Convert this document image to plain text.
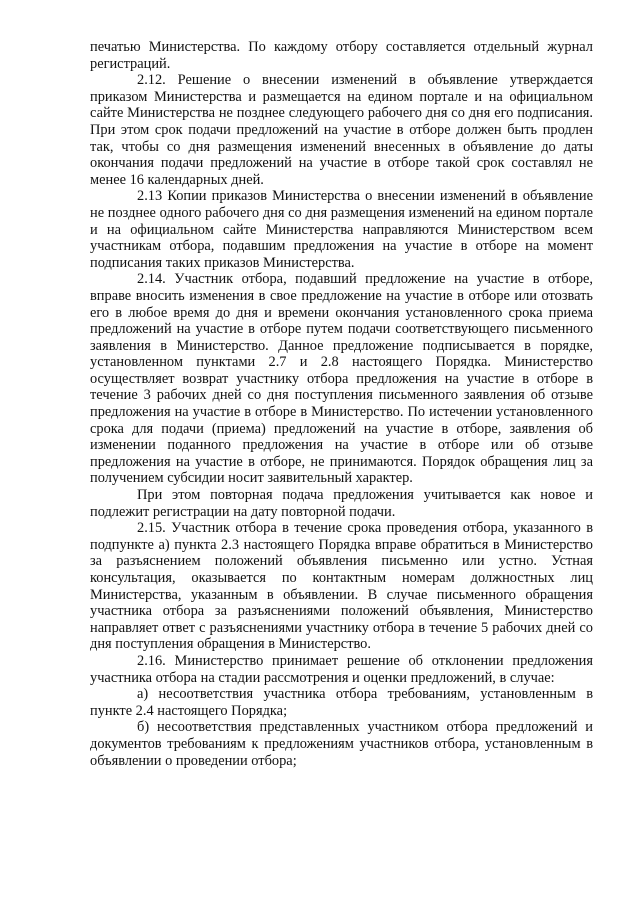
печатью Министерства. По каждому отбору составляется отдельный журнал регистраций.

2.12. Решение о внесении изменений в объявление утверждается приказом Министерства и размещается на едином портале и на официальном сайте Министерства не позднее следующего рабочего дня со дня его подписания. При этом срок подачи предложений на участие в отборе должен быть продлен так, чтобы со дня размещения изменений внесенных в объявление до даты окончания подачи предложений на участие в отборе такой срок составлял не менее 16 календарных дней.

2.13 Копии приказов Министерства о внесении изменений в объявление не позднее одного рабочего дня со дня размещения изменений на едином портале и на официальном сайте Министерства направляются Министерством всем участникам отбора, подавшим предложения на участие в отборе на момент подписания таких приказов Министерства.

2.14. Участник отбора, подавший предложение на участие в отборе, вправе вносить изменения в свое предложение на участие в отборе или отозвать его в любое время до дня и времени окончания установленного срока приема предложений на участие в отборе путем подачи соответствующего письменного заявления в Министерство. Данное предложение подписывается в порядке, установленном пунктами 2.7 и 2.8 настоящего Порядка. Министерство осуществляет возврат участнику отбора предложения на участие в отборе в течение 3 рабочих дней со дня поступления письменного заявления об отзыве предложения на участие в отборе в Министерство. По истечении установленного срока для подачи (приема) предложений на участие в отборе, заявления об изменении поданного предложения на участие в отборе или об отзыве предложения на участие в отборе, не принимаются. Порядок обращения лиц за получением субсидии носит заявительный характер.

При этом повторная подача предложения учитывается как новое и подлежит регистрации на дату повторной подачи.

2.15. Участник отбора в течение срока проведения отбора, указанного в подпункте а) пункта 2.3 настоящего Порядка вправе обратиться в Министерство за разъяснением положений объявления письменно или устно. Устная консультация, оказывается по контактным номерам должностных лиц Министерства, указанным в объявлении. В случае письменного обращения участника отбора за разъяснениями положений объявления, Министерство направляет ответ с разъяснениями участнику отбора в течение 5 рабочих дней со дня поступления обращения в Министерство.

2.16. Министерство принимает решение об отклонении предложения участника отбора на стадии рассмотрения и оценки предложений, в случае:

а) несоответствия участника отбора требованиям, установленным в пункте 2.4 настоящего Порядка;

б) несоответствия представленных участником отбора предложений и документов требованиям к предложениям участников отбора, установленным в объявлении о проведении отбора;
